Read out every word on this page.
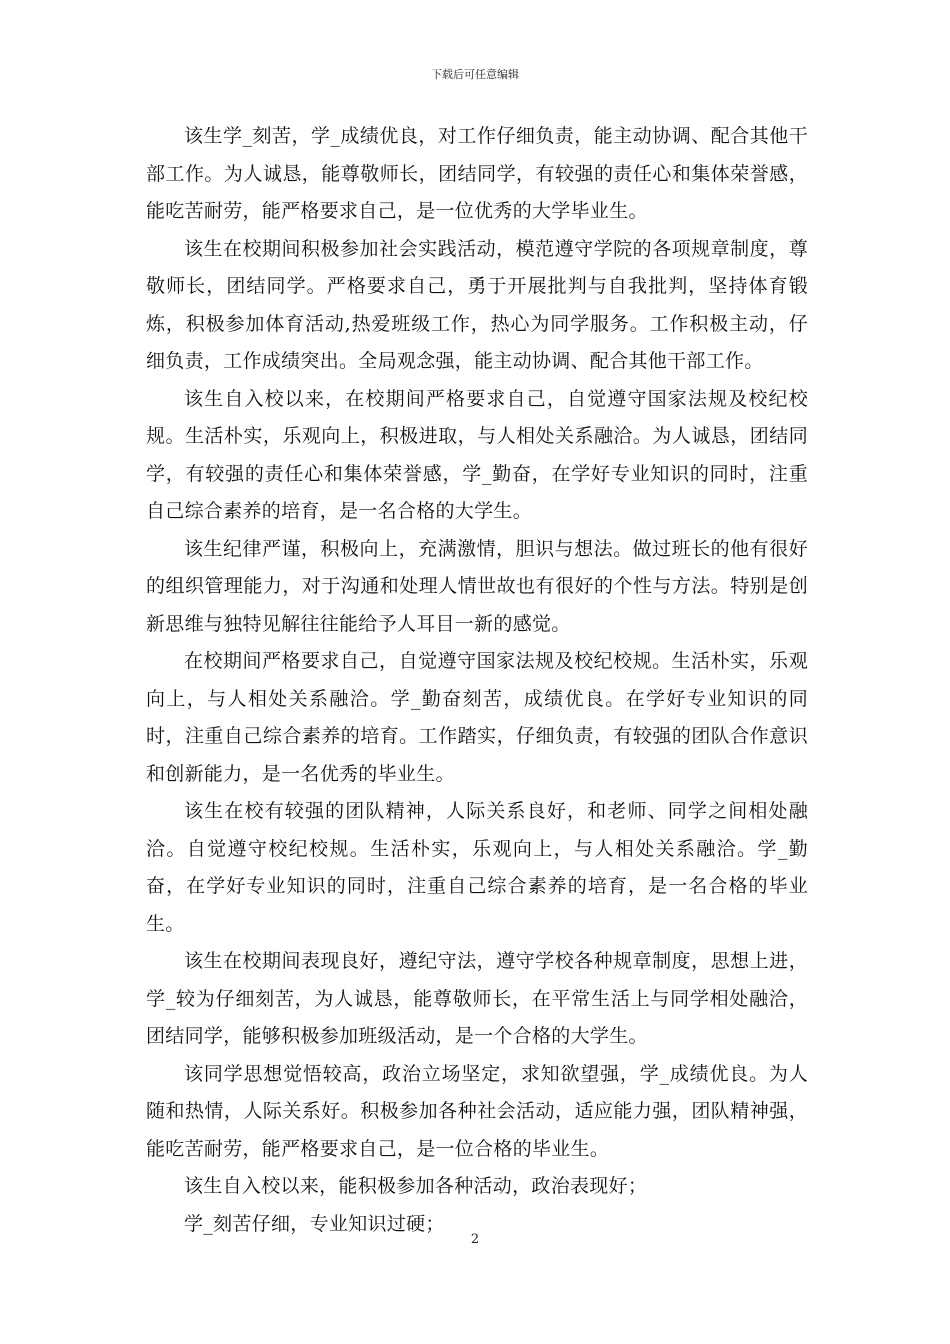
下载后可任意编辑

该生学_刻苦，学_成绩优良，对工作仔细负责，能主动协调、配合其他干部工作。为人诚恳，能尊敬师长，团结同学，有较强的责任心和集体荣誉感，能吃苦耐劳，能严格要求自己，是一位优秀的大学毕业生。

该生在校期间积极参加社会实践活动，模范遵守学院的各项规章制度，尊敬师长，团结同学。严格要求自己，勇于开展批判与自我批判，坚持体育锻炼，积极参加体育活动,热爱班级工作，热心为同学服务。工作积极主动，仔细负责，工作成绩突出。全局观念强，能主动协调、配合其他干部工作。

该生自入校以来，在校期间严格要求自己，自觉遵守国家法规及校纪校规。生活朴实，乐观向上，积极进取，与人相处关系融洽。为人诚恳，团结同学，有较强的责任心和集体荣誉感，学_勤奋，在学好专业知识的同时，注重自己综合素养的培育，是一名合格的大学生。

该生纪律严谨，积极向上，充满激情，胆识与想法。做过班长的他有很好的组织管理能力，对于沟通和处理人情世故也有很好的个性与方法。特别是创新思维与独特见解往往能给予人耳目一新的感觉。

在校期间严格要求自己，自觉遵守国家法规及校纪校规。生活朴实，乐观向上，与人相处关系融洽。学_勤奋刻苦，成绩优良。在学好专业知识的同时，注重自己综合素养的培育。工作踏实，仔细负责，有较强的团队合作意识和创新能力，是一名优秀的毕业生。

该生在校有较强的团队精神，人际关系良好，和老师、同学之间相处融洽。自觉遵守校纪校规。生活朴实，乐观向上，与人相处关系融洽。学_勤奋，在学好专业知识的同时，注重自己综合素养的培育，是一名合格的毕业生。

该生在校期间表现良好，遵纪守法，遵守学校各种规章制度，思想上进，学_较为仔细刻苦，为人诚恳，能尊敬师长，在平常生活上与同学相处融洽，团结同学，能够积极参加班级活动，是一个合格的大学生。

该同学思想觉悟较高，政治立场坚定，求知欲望强，学_成绩优良。为人随和热情，人际关系好。积极参加各种社会活动，适应能力强，团队精神强，能吃苦耐劳，能严格要求自己，是一位合格的毕业生。

该生自入校以来，能积极参加各种活动，政治表现好；

学_刻苦仔细，专业知识过硬；

2
